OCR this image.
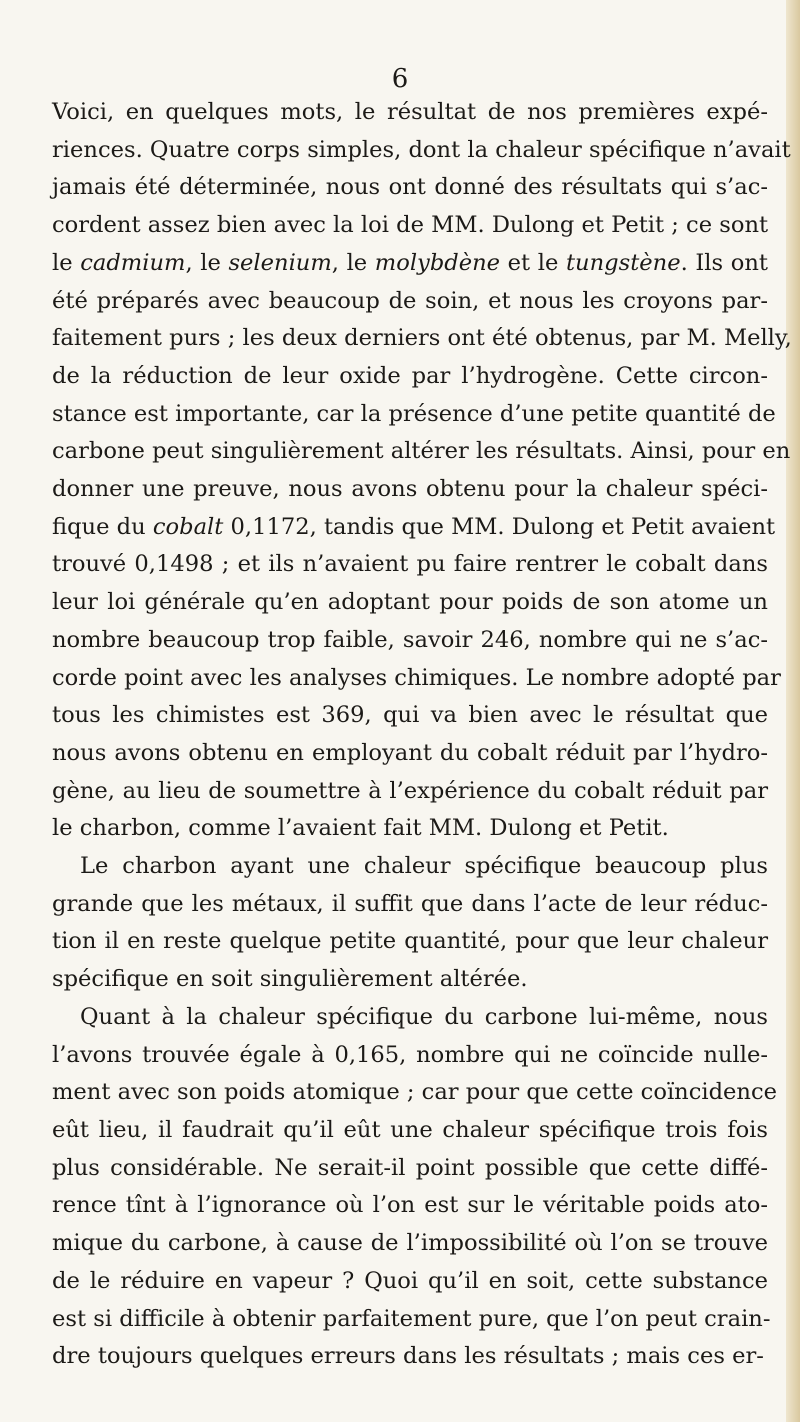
6
Voici, en quelques mots, le résultat de nos premières expé-
riences. Quatre corps simples, dont la chaleur spécifique n’avait
jamais été déterminée, nous ont donné des résultats qui s’ac-
cordent assez bien avec la loi de MM. Dulong et Petit ; ce sont
le cadmium, le selenium, le molybdène et le tungstène. Ils ont
été préparés avec beaucoup de soin, et nous les croyons par-
faitement purs ; les deux derniers ont été obtenus, par M. Melly,
de la réduction de leur oxide par l’hydrogène. Cette circon-
stance est importante, car la présence d’une petite quantité de
carbone peut singulièrement altérer les résultats. Ainsi, pour en
donner une preuve, nous avons obtenu pour la chaleur spéci-
fique du cobalt 0,1172, tandis que MM. Dulong et Petit avaient
trouvé 0,1498 ; et ils n’avaient pu faire rentrer le cobalt dans
leur loi générale qu’en adoptant pour poids de son atome un
nombre beaucoup trop faible, savoir 246, nombre qui ne s’ac-
corde point avec les analyses chimiques. Le nombre adopté par
tous les chimistes est 369, qui va bien avec le résultat que
nous avons obtenu en employant du cobalt réduit par l’hydro-
gène, au lieu de soumettre à l’expérience du cobalt réduit par
le charbon, comme l’avaient fait MM. Dulong et Petit.
Le charbon ayant une chaleur spécifique beaucoup plus
grande que les métaux, il suffit que dans l’acte de leur réduc-
tion il en reste quelque petite quantité, pour que leur chaleur
spécifique en soit singulièrement altérée.
Quant à la chaleur spécifique du carbone lui-même, nous
l’avons trouvée égale à 0,165, nombre qui ne coïncide nulle-
ment avec son poids atomique ; car pour que cette coïncidence
eût lieu, il faudrait qu’il eût une chaleur spécifique trois fois
plus considérable. Ne serait-il point possible que cette diffé-
rence tînt à l’ignorance où l’on est sur le véritable poids ato-
mique du carbone, à cause de l’impossibilité où l’on se trouve
de le réduire en vapeur ? Quoi qu’il en soit, cette substance
est si difficile à obtenir parfaitement pure, que l’on peut crain-
dre toujours quelques erreurs dans les résultats ; mais ces er-
